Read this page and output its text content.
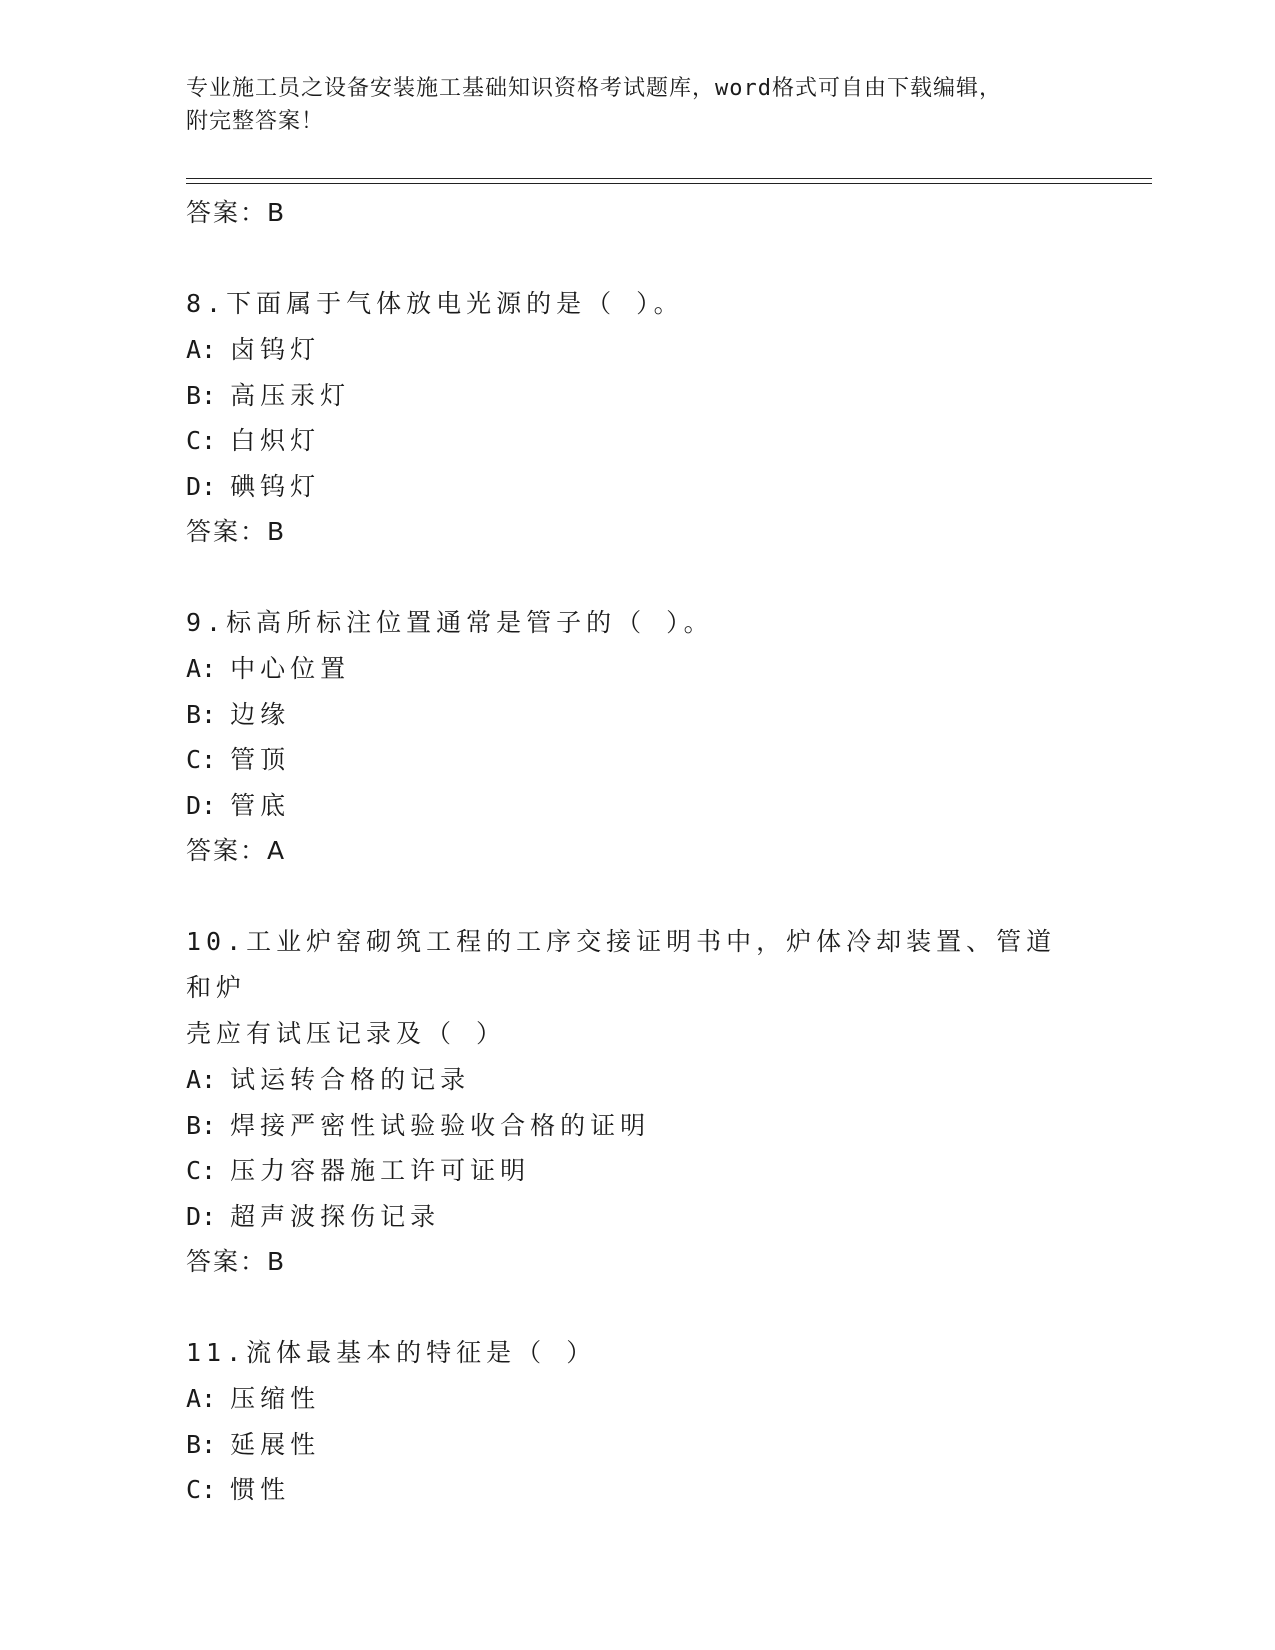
专业施工员之设备安装施工基础知识资格考试题库，word格式可自由下载编辑，
附完整答案！
答案：B
8.下面属于气体放电光源的是（ ）。
A: 卤钨灯
B: 高压汞灯
C: 白炽灯
D: 碘钨灯
答案：B
9.标高所标注位置通常是管子的（ ）。
A: 中心位置
B: 边缘
C: 管顶
D: 管底
答案：A
10.工业炉窑砌筑工程的工序交接证明书中，炉体冷却装置、管道和炉
壳应有试压记录及（ ）
A: 试运转合格的记录
B: 焊接严密性试验验收合格的证明
C: 压力容器施工许可证明
D: 超声波探伤记录
答案：B
11.流体最基本的特征是（ ）
A: 压缩性
B: 延展性
C: 惯性
